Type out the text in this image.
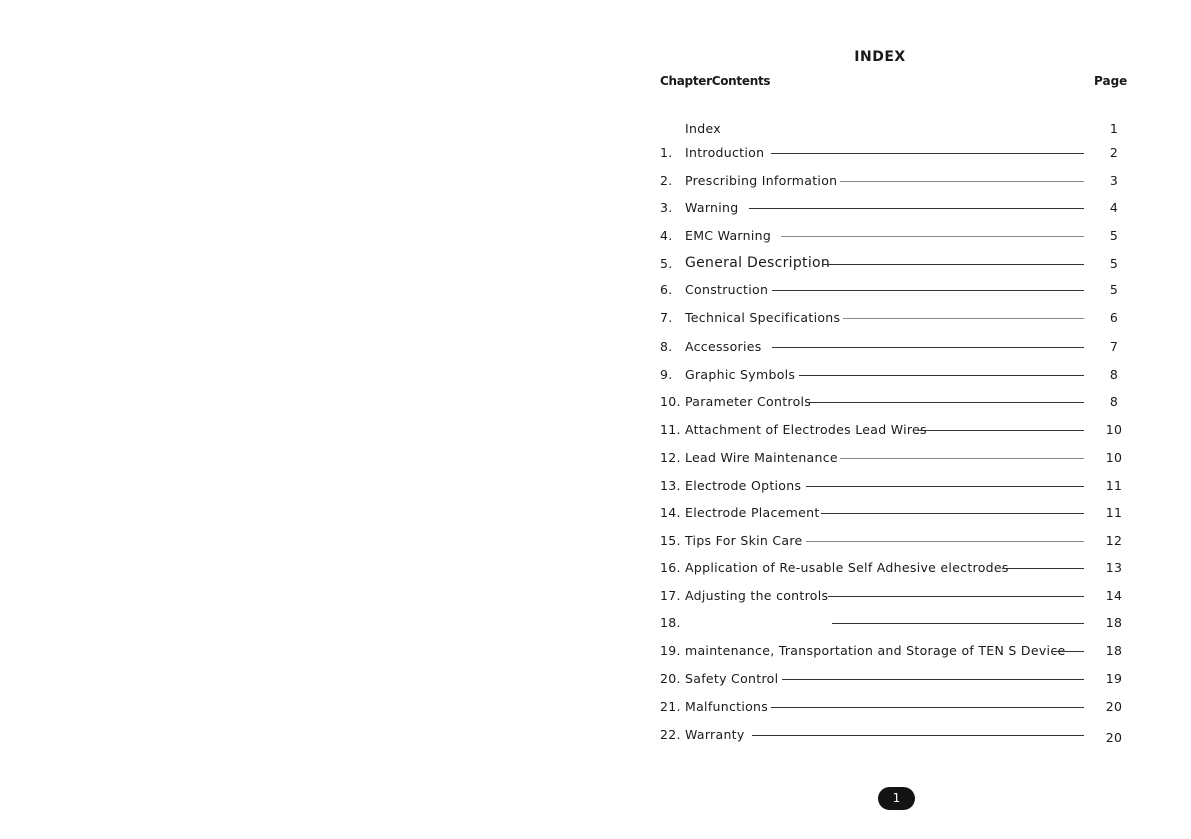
INDEX
ChapterContents	Page
Index	1
1. Introduction	2
2. Prescribing Information	3
3. Warning	4
4. EMC Warning	5
5. General Description	5
6. Construction	5
7. Technical Specifications	6
8. Accessories	7
9. Graphic Symbols	8
10. Parameter Controls	8
11. Attachment of Electrodes Lead Wires	10
12. Lead Wire Maintenance	10
13. Electrode Options	11
14. Electrode Placement	11
15. Tips For Skin Care	12
16. Application of Re-usable Self Adhesive electrodes	13
17. Adjusting the controls	14
18.	18
19. maintenance, Transportation and Storage of TEN S Device	18
20. Safety Control	19
21. Malfunctions	20
22. Warranty	20
1
